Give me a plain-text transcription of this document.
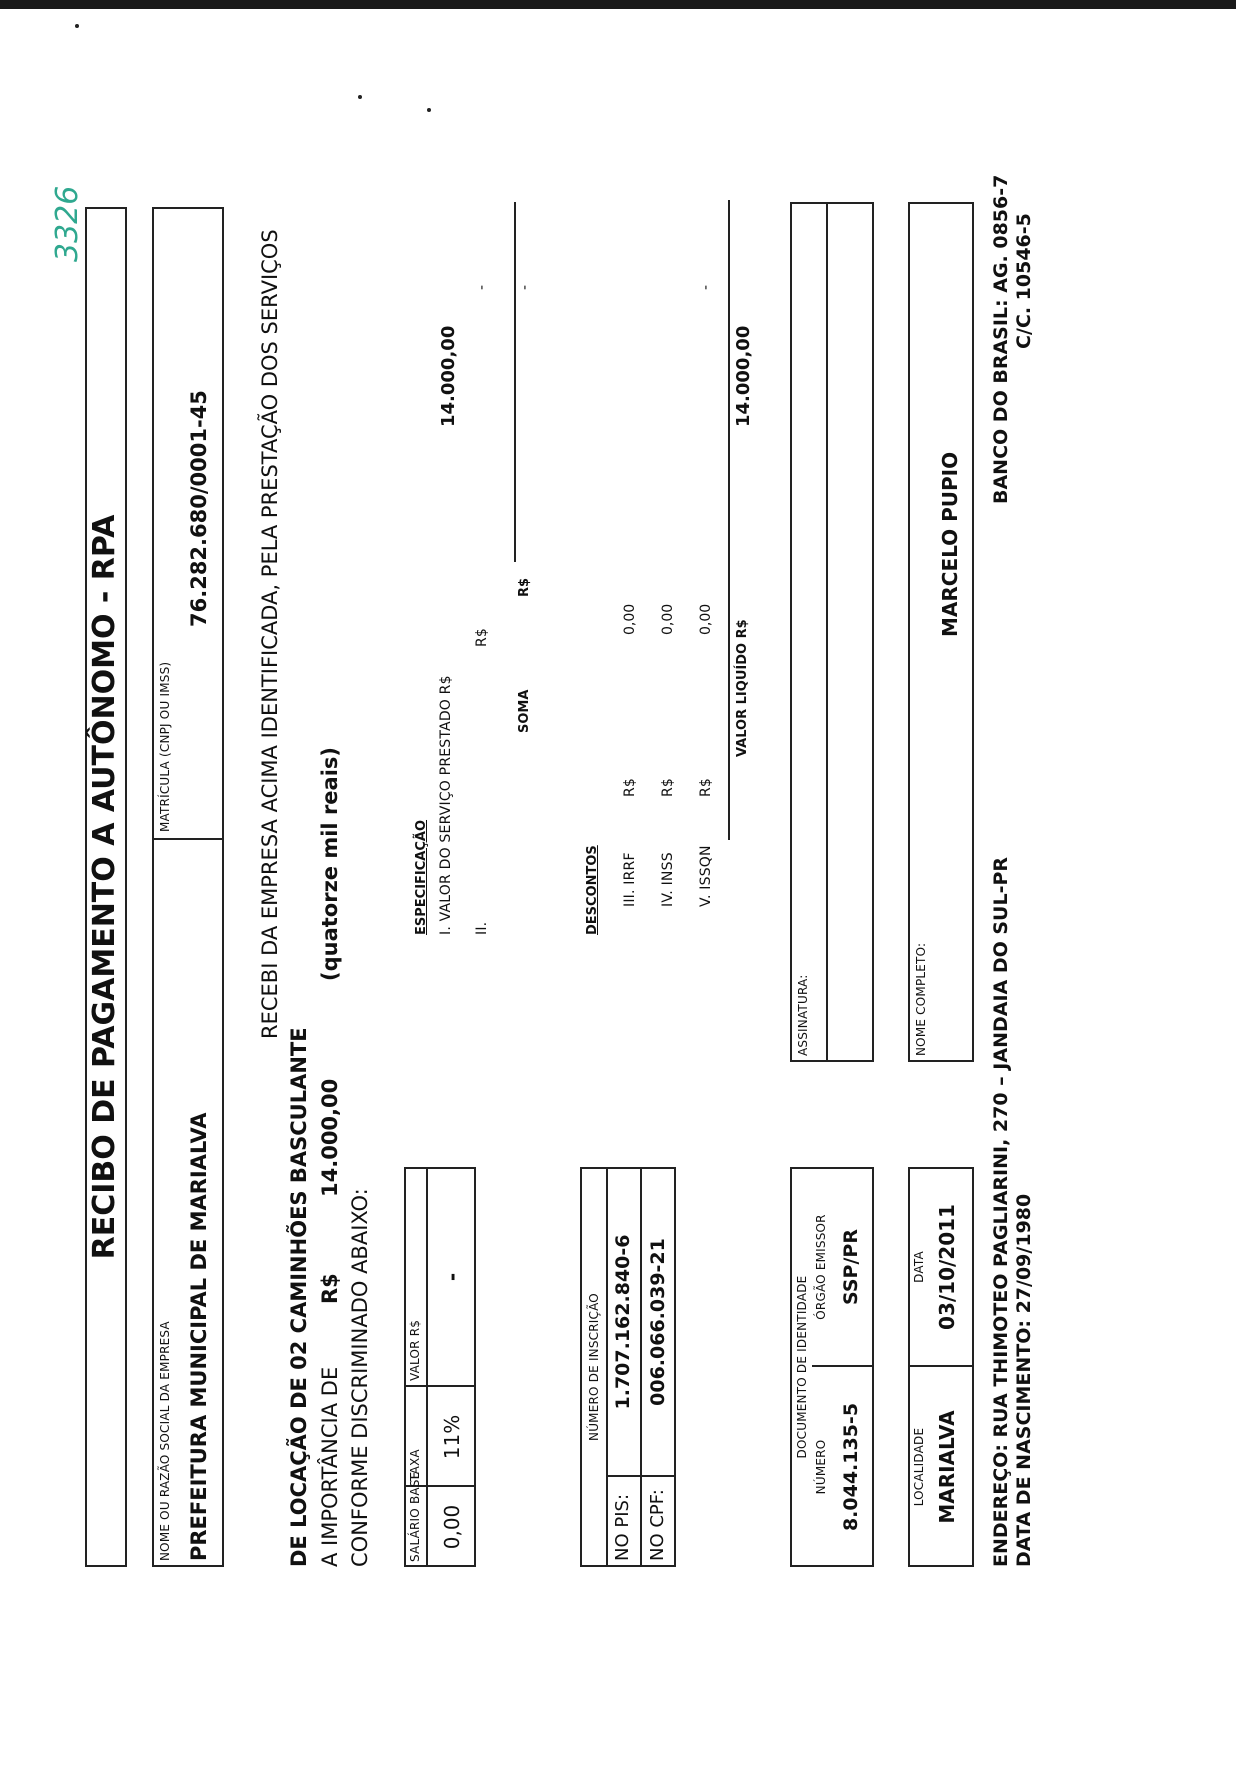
3326
RECIBO DE PAGAMENTO A AUTÔNOMO - RPA
NOME OU RAZÃO SOCIAL DA EMPRESA PREFEITURA MUNICIPAL DE MARIALVA
MATRÍCULA (CNPJ OU IMSS)
76.282.680/0001-45 RECEBI DA EMPRESA ACIMA IDENTIFICADA, PELA PRESTAÇÃO DOS SERVIÇOS
DE LOCAÇÃO DE 02 CAMINHÕES BASCULANTE A IMPORTÂNCIA DE
R$
14.000,00
(quatorze mil reais)
CONFORME DISCRIMINADO ABAIXO:	SALÁRIO BASE 0,00
TAXA
11%
VALOR R$
-
ESPECIFICAÇÃO I. VALOR DO SERVIÇO PRESTADO R$
14.000,00
II.
R$
-
SOMA
R$
-
DESCONTOS III. IRRF
R$
0,00
IV. INSS
R$
0,00
V. ISSQN
R$
0,00
-
VALOR LIQUÍDO R$
14.000,00
NÚMERO DE INSCRIÇÃO
NO PIS:
1.707.162.840-6
NO CPF:
006.066.039-21	DOCUMENTO DE IDENTIDADE
NÚMERO 8.044.135-5
ÓRGÃO EMISSOR SSP/PR
ASSINATURA:
LOCALIDADE MARIALVA
DATA 03/10/2011
NOME COMPLETO:
MARCELO PUPIO
ENDEREÇO: RUA THIMOTEO PAGLIARINI, 270 – JANDAIA DO SUL-PR DATA DE NASCIMENTO: 27/09/1980
BANCO DO BRASIL: AG. 0856-7 C/C. 10546-5
